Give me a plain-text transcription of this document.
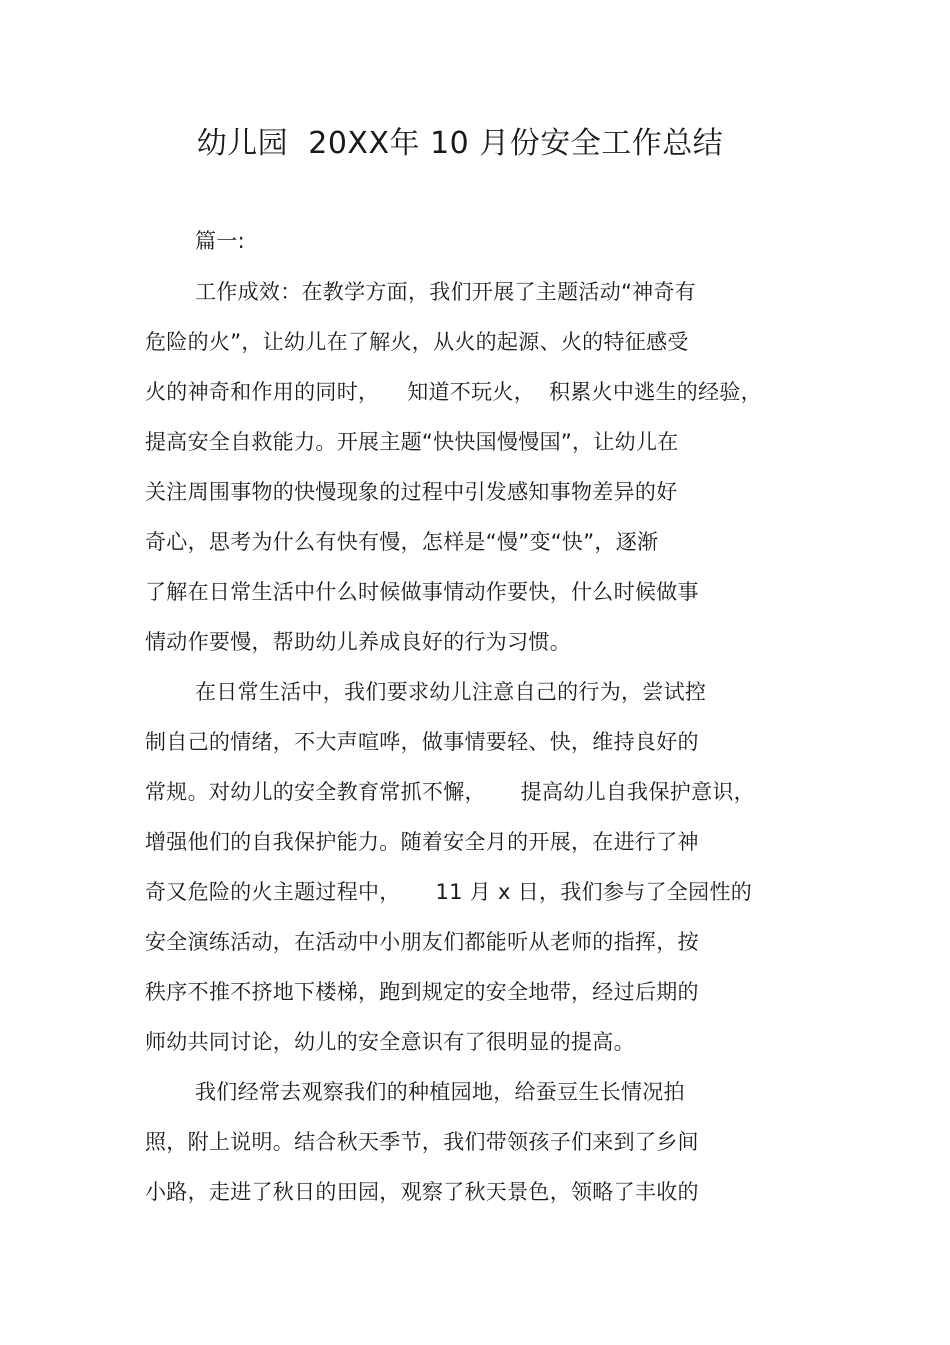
幼儿园  20XX年 10 月份安全工作总结
篇一:
工作成效：在教学方面，我们开展了主题活动“神奇有
危险的火”，让幼儿在了解火，从火的起源、火的特征感受
火的神奇和作用的同时，    知道不玩火，  积累火中逃生的经验，
提高安全自救能力。开展主题“快快国慢慢国”，让幼儿在
关注周围事物的快慢现象的过程中引发感知事物差异的好
奇心，思考为什么有快有慢，怎样是“慢”变“快”，逐渐
了解在日常生活中什么时候做事情动作要快，什么时候做事
情动作要慢，帮助幼儿养成良好的行为习惯。
在日常生活中，我们要求幼儿注意自己的行为，尝试控
制自己的情绪，不大声喧哗，做事情要轻、快，维持良好的
常规。对幼儿的安全教育常抓不懈，     提高幼儿自我保护意识，
增强他们的自我保护能力。随着安全月的开展，在进行了神
奇又危险的火主题过程中，     11 月 x 日，我们参与了全园性的
安全演练活动，在活动中小朋友们都能听从老师的指挥，按
秩序不推不挤地下楼梯，跑到规定的安全地带，经过后期的
师幼共同讨论，幼儿的安全意识有了很明显的提高。
我们经常去观察我们的种植园地，给蚕豆生长情况拍
照，附上说明。结合秋天季节，我们带领孩子们来到了乡间
小路，走进了秋日的田园，观察了秋天景色，领略了丰收的
